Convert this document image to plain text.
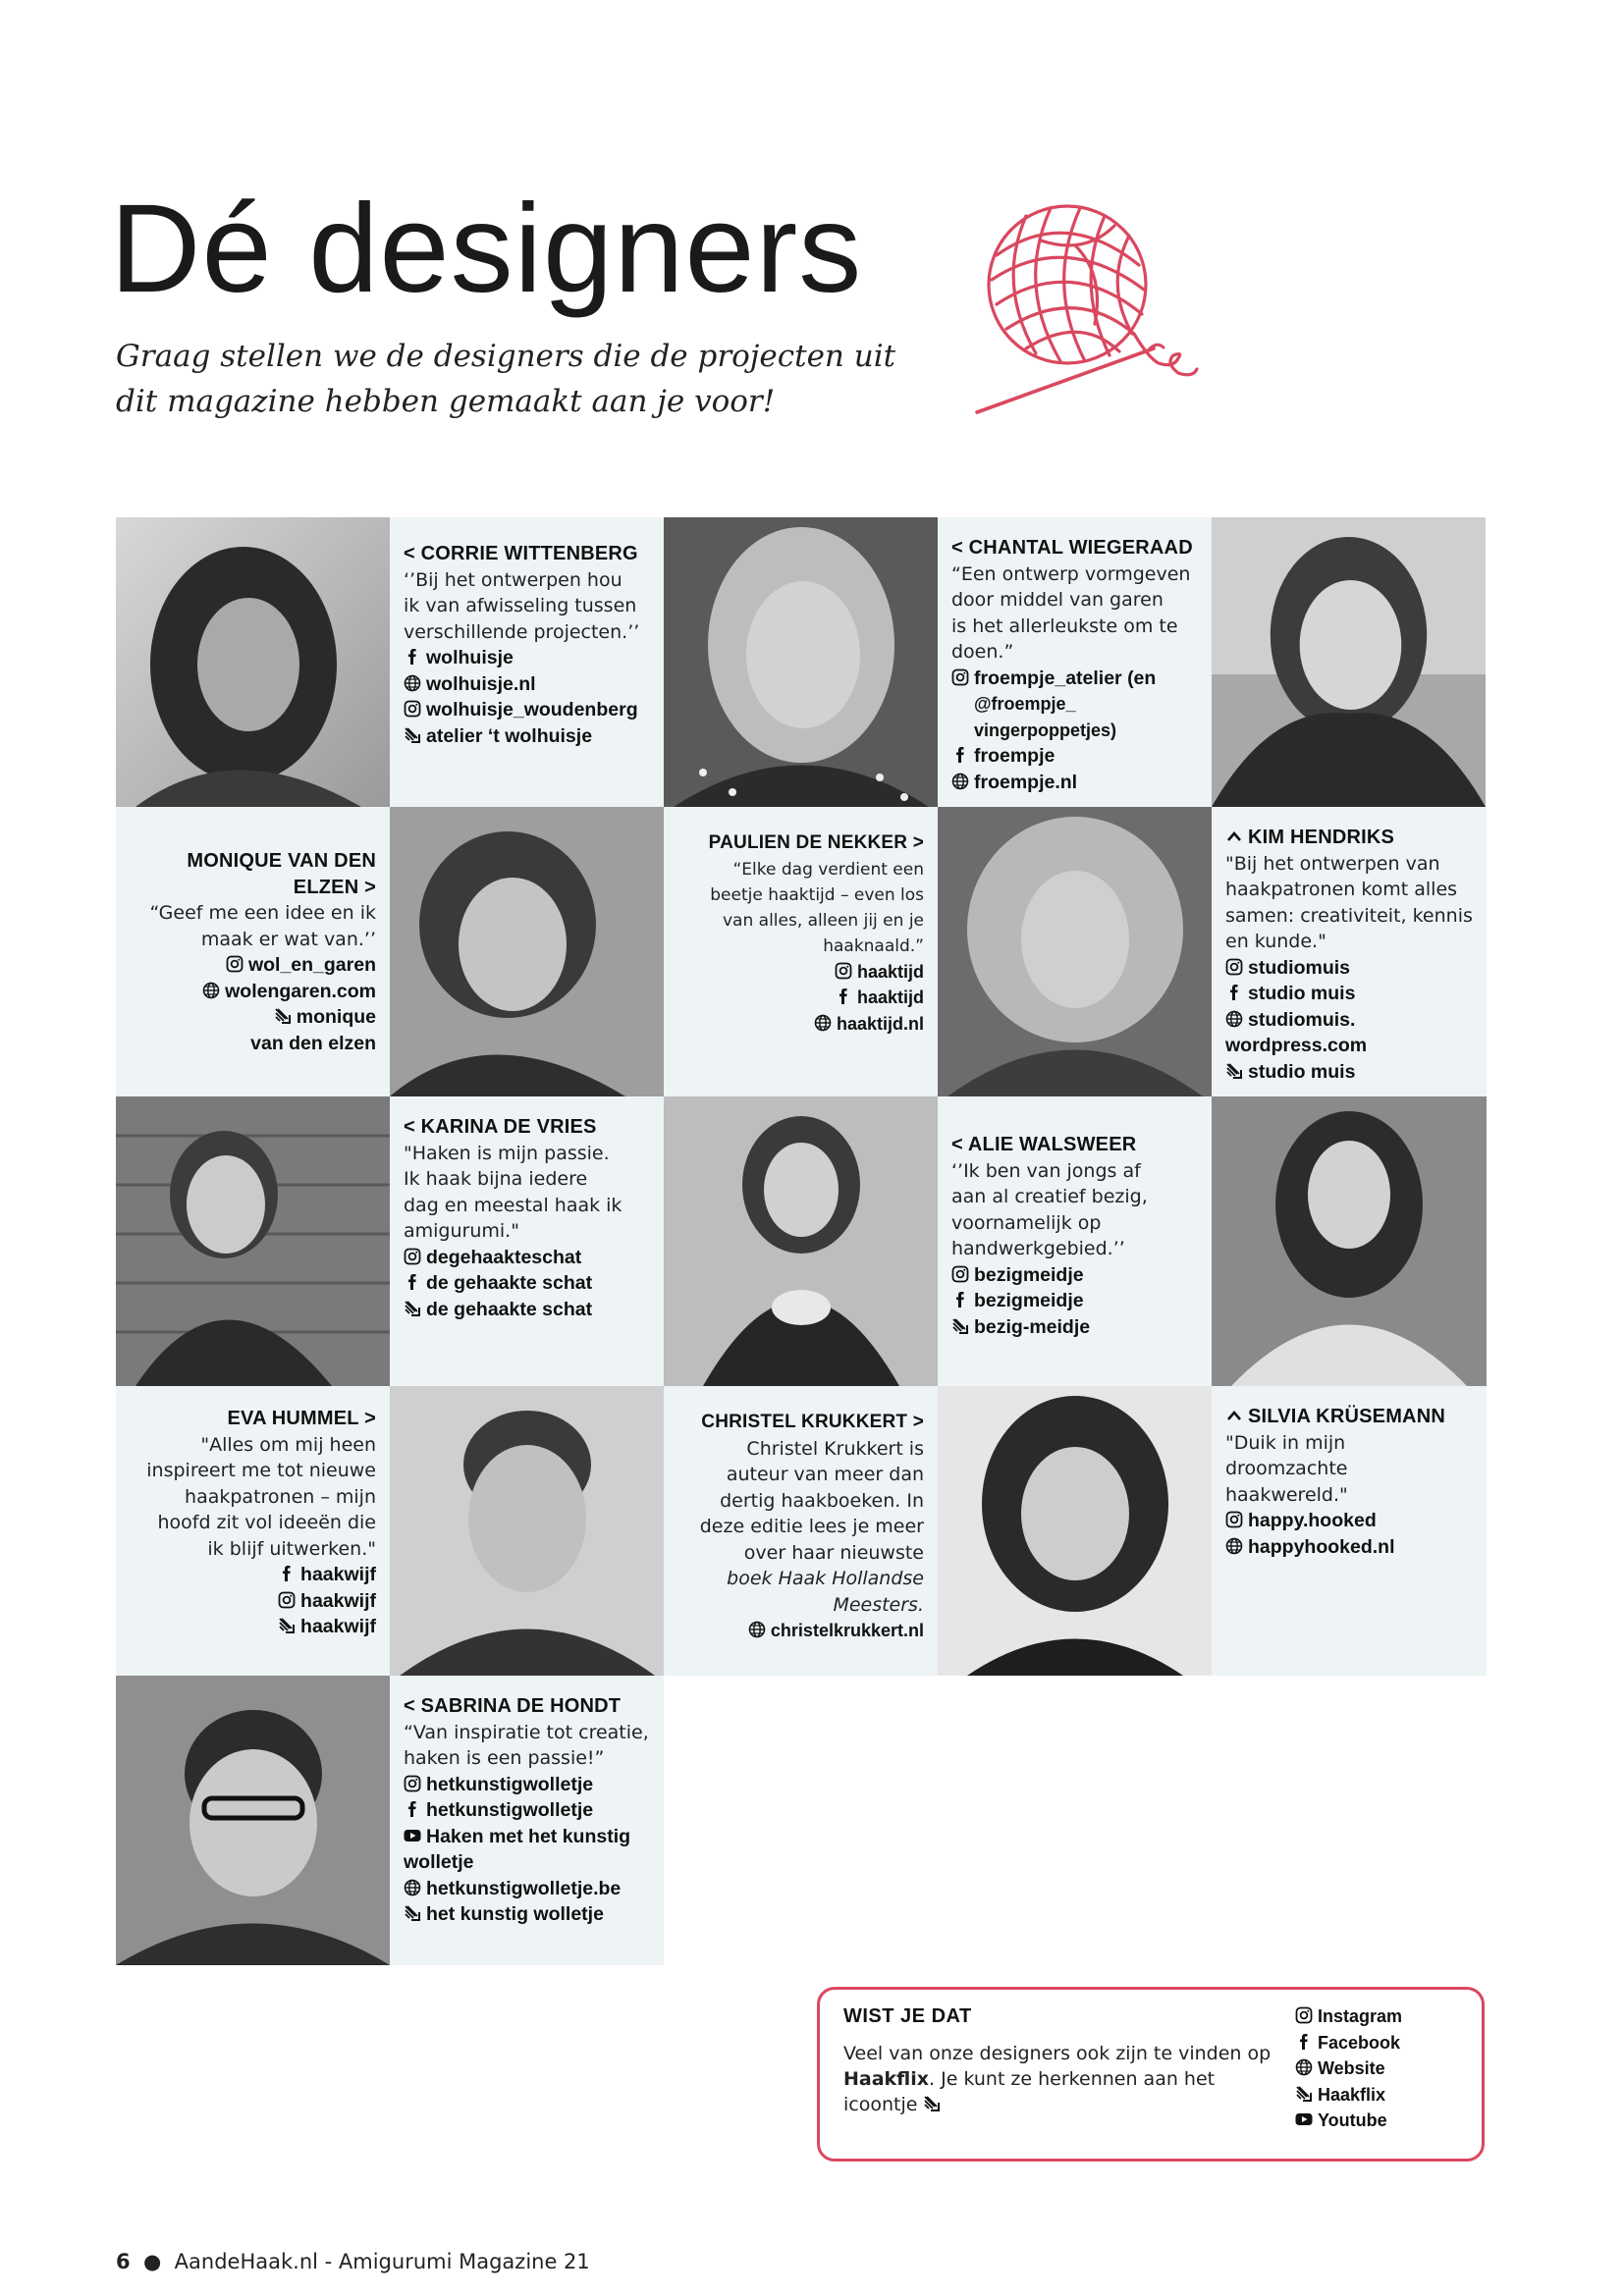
Dé designers
Graag stellen we de designers die de projecten uit
dit magazine hebben gemaakt aan je voor!
< CORRIE WITTENBERG
‘’Bij het ontwerpen hou
ik van afwisseling tussen
verschillende projecten.’’
wolhuisje
wolhuisje.nl
wolhuisje_woudenberg
atelier ‘t wolhuisje
< CHANTAL WIEGERAAD
“Een ontwerp vormgeven
door middel van garen
is het allerleukste om te
doen.”
froempje_atelier (en
@froempje_
vingerpoppetjes)
froempje
froempje.nl
MONIQUE VAN DEN
ELZEN >
“Geef me een idee en ik
maak er wat van.’’
wol_en_garen
wolengaren.com
monique
van den elzen
PAULIEN DE NEKKER >
“Elke dag verdient een
beetje haaktijd – even los
van alles, alleen jij en je
haaknaald.”
haaktijd
haaktijd
haaktijd.nl
KIM HENDRIKS
"Bij het ontwerpen van
haakpatronen komt alles
samen: creativiteit, kennis
en kunde."
studiomuis
studio muis
studiomuis.
wordpress.com
studio muis
< KARINA DE VRIES
"Haken is mijn passie.
Ik haak bijna iedere
dag en meestal haak ik
amigurumi."
degehaakteschat
de gehaakte schat
de gehaakte schat
< ALIE WALSWEER
‘’Ik ben van jongs af
aan al creatief bezig,
voornamelijk op
handwerkgebied.’’
bezigmeidje
bezigmeidje
bezig-meidje
EVA HUMMEL >
"Alles om mij heen
inspireert me tot nieuwe
haakpatronen – mijn
hoofd zit vol ideeën die
ik blijf uitwerken."
haakwijf
haakwijf
haakwijf
CHRISTEL KRUKKERT >
Christel Krukkert is
auteur van meer dan
dertig haakboeken. In
deze editie lees je meer
over haar nieuwste
boek Haak Hollandse
Meesters.
christelkrukkert.nl
SILVIA KRÜSEMANN
"Duik in mijn
droomzachte
haakwereld."
happy.hooked
happyhooked.nl
< SABRINA DE HONDT
“Van inspiratie tot creatie,
haken is een passie!”
hetkunstigwolletje
hetkunstigwolletje
Haken met het kunstig
wolletje
hetkunstigwolletje.be
het kunstig wolletje
WIST JE DAT
Veel van onze designers ook zijn te vinden op Haakflix. Je kunt ze herkennen aan het icoontje
Instagram
Facebook
Website
Haakflix
Youtube
6 ● AandeHaak.nl - Amigurumi Magazine 21
